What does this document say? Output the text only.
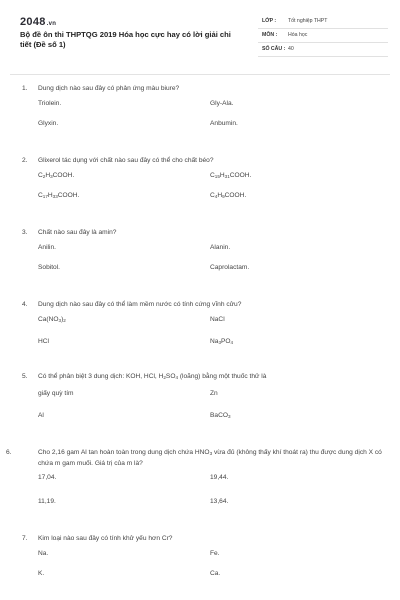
2048.vn
Bộ đề ôn thi THPTQG 2019 Hóa học cực hay có lời giải chi tiết (Đề số 1)
LỚP : Tốt nghiệp THPT
MÔN : Hóa học
SỐ CÂU : 40
1. Dung dịch nào sau đây có phản ứng màu biure?
Triolein.	Gly-Ala.
Glyxin.	Anbumin.
2. Glixerol tác dụng với chất nào sau đây có thể cho chất béo?
$C_2H_3COOH$.	$C_{15}H_{31}COOH$.
$C_{17}H_{33}COOH$.	$C_4H_9COOH$.
3. Chất nào sau đây là amin?
Anilin.	Alanin.
Sobitol.	Caprolactam.
4. Dung dịch nào sau đây có thể làm mềm nước có tính cứng vĩnh cửu?
$Ca(NO_3)_2$	NaCl
HCl	$Na_3PO_4$
5. Có thể phân biệt 3 dung dịch: KOH, HCl, $H_2SO_4$ (loãng) bằng một thuốc thử là
giấy quỳ tím	Zn
Al	BaCO$_3$
6.	Cho 2,16 gam Al tan hoàn toàn trong dung dịch chứa $HNO_3$ vừa đủ (không thấy khí thoát ra) thu được dung dịch X có chứa m gam muối. Giá trị của m là?
17,04.	19,44.
11,19.	13,64.
7. Kim loại nào sau đây có tính khử yếu hơn Cr?
Na.	Fe.
K.	Ca.
